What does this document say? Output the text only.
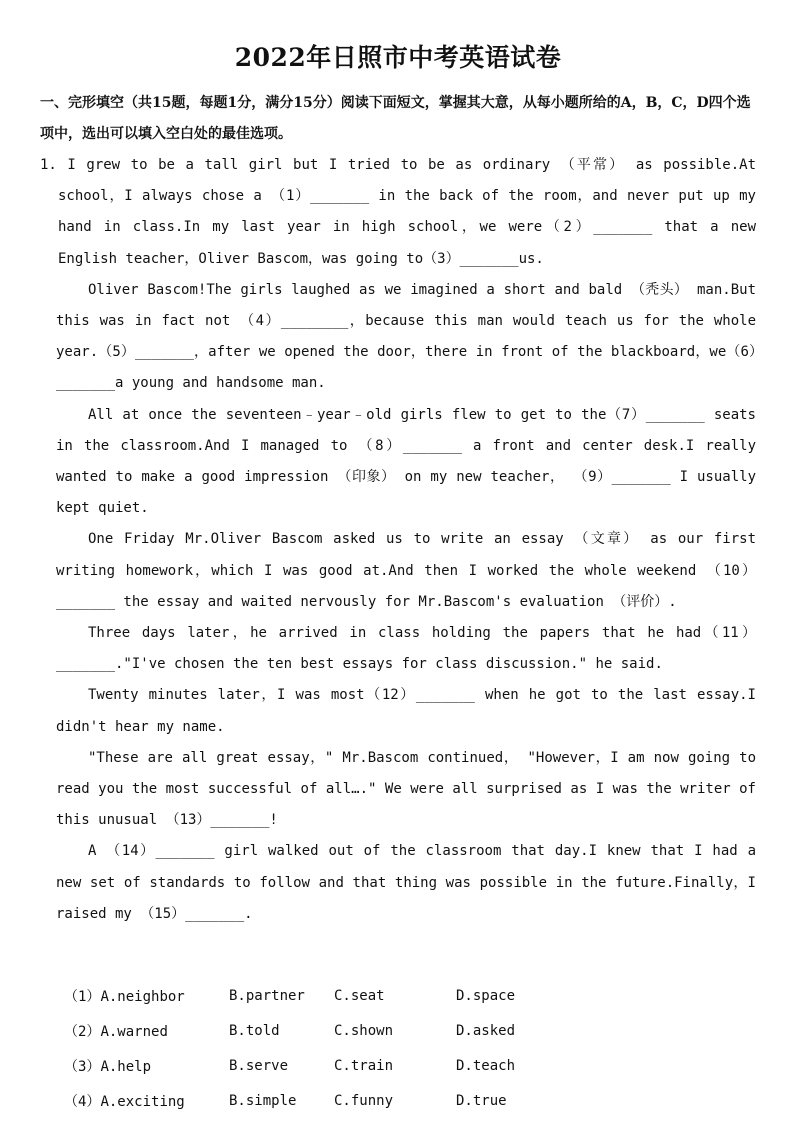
2022年日照市中考英语试卷

一、完形填空（共15题，每题1分，满分15分）阅读下面短文，掌握其大意，从每小题所给的A，B，C，D四个选项中，选出可以填入空白处的最佳选项。

1. I grew to be a tall girl but I tried to be as ordinary （平常） as possible.At school，I always chose a （1）_______ in the back of the room，and never put up my hand in class.In my last year in high school，we were（2）_______ that a new English teacher，Oliver Bascom，was going to（3）_______us.

Oliver Bascom!The girls laughed as we imagined a short and bald （秃头） man.But this was in fact not （4）________，because this man would teach us for the whole year.（5）_______，after we opened the door，there in front of the blackboard，we（6）_______a young and handsome man.

All at once the seventeen﹣year﹣old girls flew to get to the（7）_______ seats in the classroom.And I managed to （8）_______ a front and center desk.I really wanted to make a good impression （印象） on my new teacher， （9）_______ I usually kept quiet.

One Friday Mr.Oliver Bascom asked us to write an essay （文章） as our first writing homework，which I was good at.And then I worked the whole weekend （10）_______ the essay and waited nervously for Mr.Bascom's evaluation （评价）.

Three days later，he arrived in class holding the papers that he had（11）_______."I've chosen the ten best essays for class discussion." he said.

Twenty minutes later，I was most（12）_______ when he got to the last essay.I didn't hear my name.

"These are all great essay，" Mr.Bascom continued， "However，I am now going to read you the most successful of all…." We were all surprised as I was the writer of this unusual （13）_______!

A （14）_______ girl walked out of the classroom that day.I knew that I had a new set of standards to follow and that thing was possible in the future.Finally，I raised my （15）_______.

（1）A.neighbor	B.partner	C.seat	D.space
（2）A.warned	B.told	C.shown	D.asked
（3）A.help	B.serve	C.train	D.teach
（4）A.exciting	B.simple	C.funny	D.true
